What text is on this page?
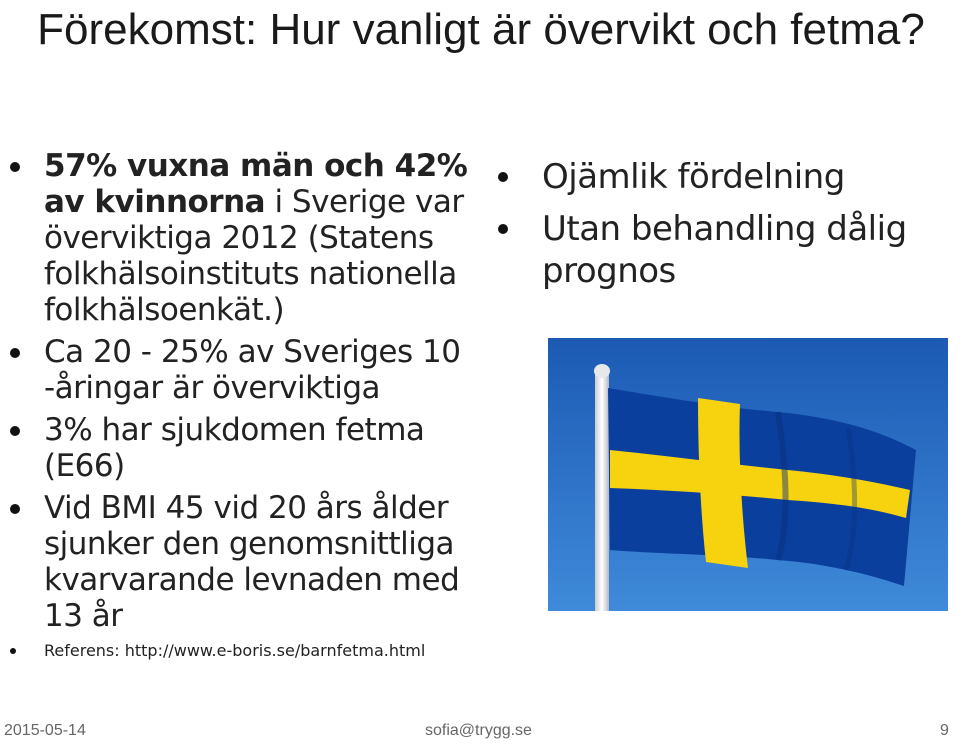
Förekomst: Hur vanligt är övervikt och fetma?
57% vuxna män och 42% av kvinnorna i Sverige var överviktiga 2012 (Statens folkhälsoinstituts nationella folkhälsoenkät.)
Ca 20 - 25% av Sveriges 10 -åringar är överviktiga
3% har sjukdomen fetma (E66)
Vid BMI 45 vid 20 års ålder sjunker den genomsnittliga kvarvarande levnaden med 13 år
Referens: http://www.e-boris.se/barnfetma.html
Ojämlik fördelning
Utan behandling dålig prognos
2015-05-14	sofia@trygg.se	9
